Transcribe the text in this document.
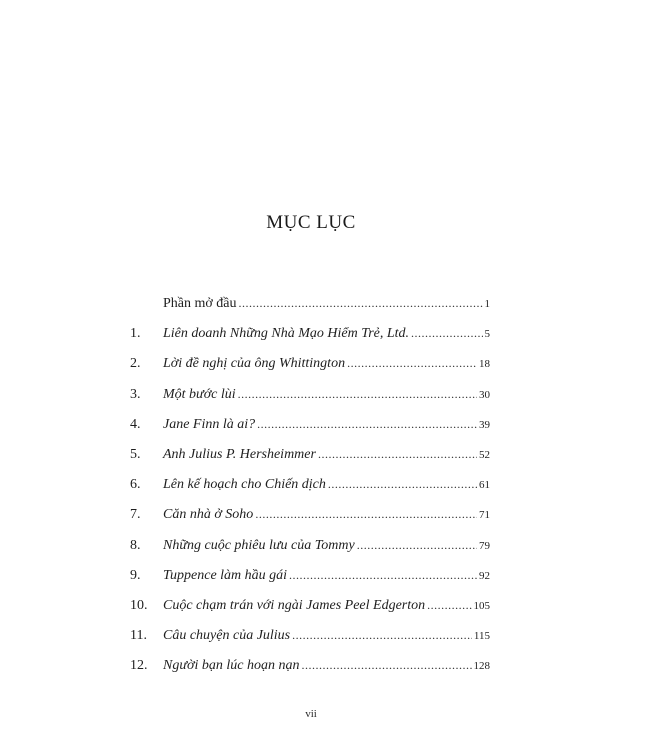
MỤC LỤC
Phần mở đầu .....	1
1.	Liên doanh Những Nhà Mạo Hiểm Trẻ, Ltd. .....	5
2.	Lời đề nghị của ông Whittington .....	18
3.	Một bước lùi .....	30
4.	Jane Finn là ai? .....	39
5.	Anh Julius P. Hersheimmer .....	52
6.	Lên kế hoạch cho Chiến dịch .....	61
7.	Căn nhà ở Soho .....	71
8.	Những cuộc phiêu lưu của Tommy .....	79
9.	Tuppence làm hầu gái .....	92
10.	Cuộc chạm trán với ngài James Peel Edgerton .....	105
11.	Câu chuyện của Julius .....	115
12.	Người bạn lúc hoạn nạn .....	128
vii
